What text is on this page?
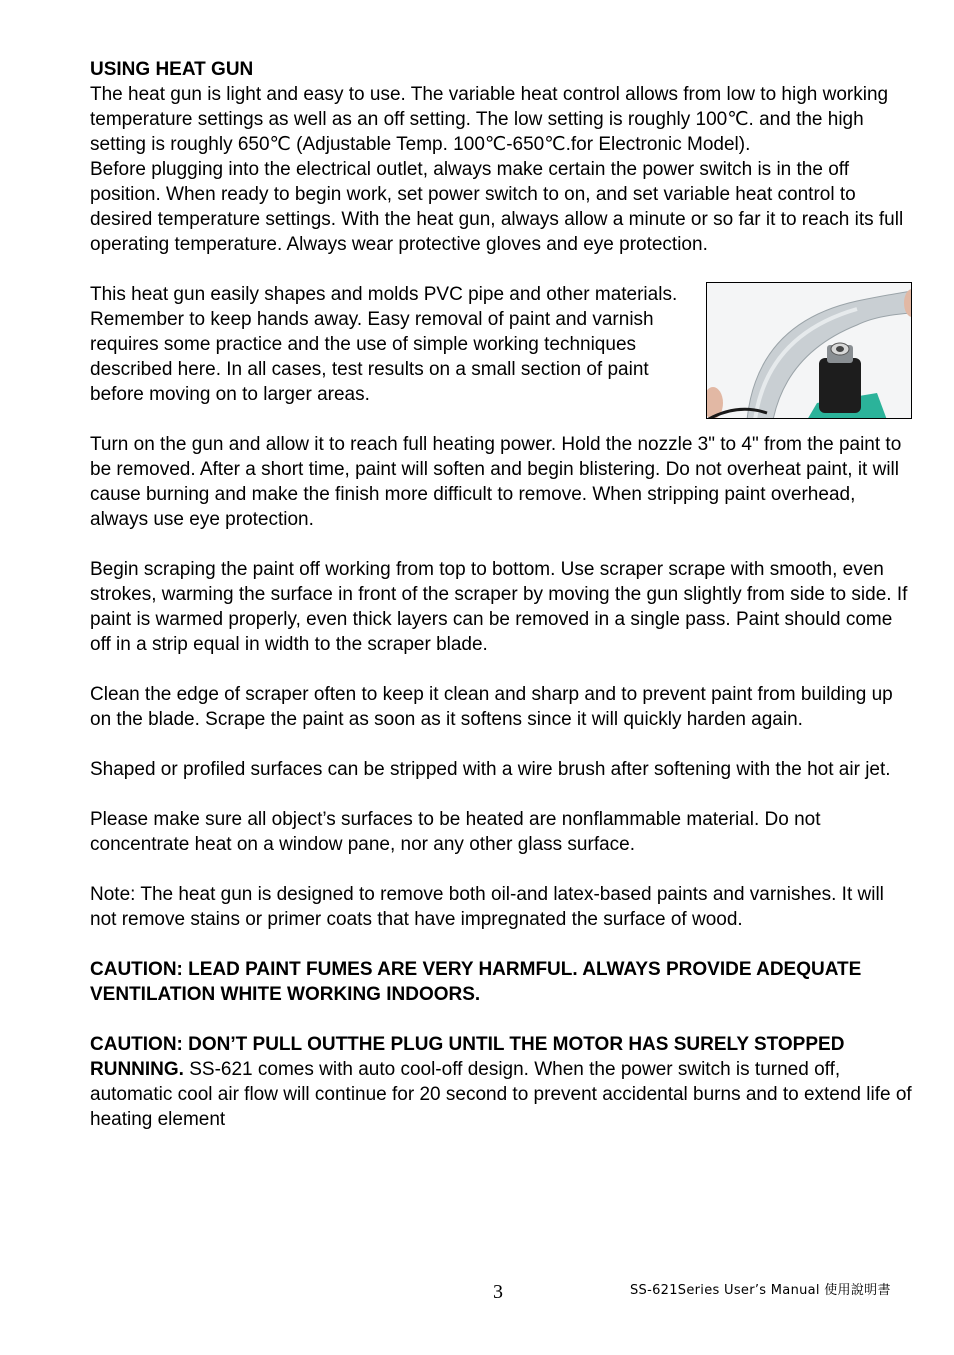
USING HEAT GUN

The heat gun is light and easy to use. The variable heat control allows from low to high working temperature settings as well as an off setting. The low setting is roughly 100℃. and the high setting is roughly 650℃ (Adjustable Temp. 100℃-650℃.for Electronic Model).

Before plugging into the electrical outlet, always make certain the power switch is in the off position. When ready to begin work, set power switch to on, and set variable heat control to desired temperature settings. With the heat gun, always allow a minute or so far it to reach its full operating temperature. Always wear protective gloves and eye protection.

This heat gun easily shapes and molds PVC pipe and other materials. Remember to keep hands away. Easy removal of paint and varnish requires some practice and the use of simple working techniques described here. In all cases, test results on a small section of paint before moving on to larger areas.

Turn on the gun and allow it to reach full heating power. Hold the nozzle 3" to 4" from the paint to be removed. After a short time, paint will soften and begin blistering. Do not overheat paint, it will cause burning and make the finish more difficult to remove. When stripping paint overhead, always use eye protection.

Begin scraping the paint off working from top to bottom. Use scraper scrape with smooth, even strokes, warming the surface in front of the scraper by moving the gun slightly from side to side. If paint is warmed properly, even thick layers can be removed in a single pass. Paint should come off in a strip equal in width to the scraper blade.

Clean the edge of scraper often to keep it clean and sharp and to prevent paint from building up on the blade. Scrape the paint as soon as it softens since it will quickly harden again.

Shaped or profiled surfaces can be stripped with a wire brush after softening with the hot air jet.

Please make sure all object’s surfaces to be heated are nonflammable material. Do not concentrate heat on a window pane, nor any other glass surface.

Note: The heat gun is designed to remove both oil-and latex-based paints and varnishes. It will not remove stains or primer coats that have impregnated the surface of wood.

CAUTION: LEAD PAINT FUMES ARE VERY HARMFUL. ALWAYS PROVIDE ADEQUATE VENTILATION WHITE WORKING INDOORS.

CAUTION: DON’T PULL OUTTHE PLUG UNTIL THE MOTOR HAS SURELY STOPPED RUNNING. SS-621 comes with auto cool-off design. When the power switch is turned off, automatic cool air flow will continue for 20 second to prevent accidental burns and to extend life of heating element

3	SS-621Series User’s Manual 使用說明書
